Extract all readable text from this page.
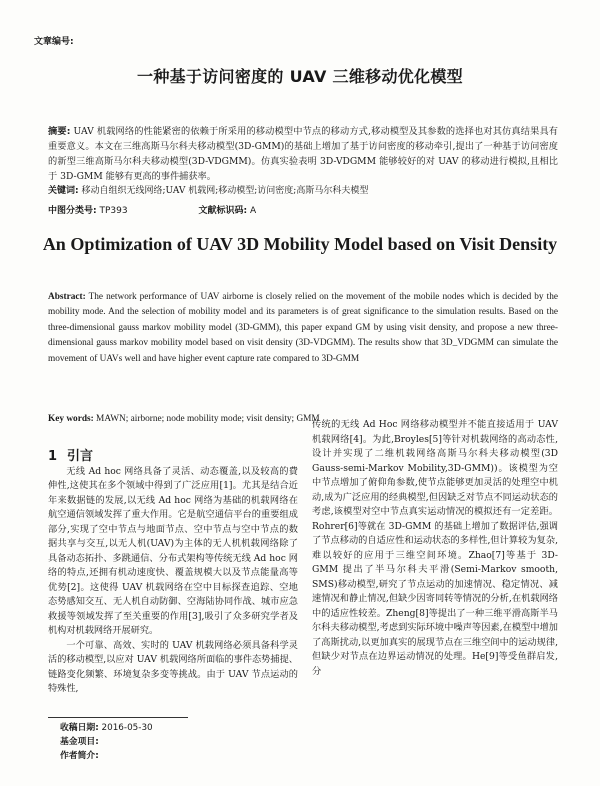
文章编号:
一种基于访问密度的 UAV 三维移动优化模型
摘要: UAV 机载网络的性能紧密的依赖于所采用的移动模型中节点的移动方式,移动模型及其参数的选择也对其仿真结果具有重要意义。本文在三维高斯马尔科夫移动模型(3D-GMM)的基础上增加了基于访问密度的移动牵引,提出了一种基于访问密度的新型三维高斯马尔科夫移动模型(3D-VDGMM)。仿真实验表明 3D-VDGMM 能够较好的对 UAV 的移动进行模拟,且相比于 3D-GMM 能够有更高的事件捕获率。
关键词: 移动自组织无线网络;UAV 机载网;移动模型;访问密度;高斯马尔科夫模型
中图分类号: TP393	文献标识码: A
An Optimization of UAV 3D Mobility Model based on Visit Density
Abstract: The network performance of UAV airborne is closely relied on the movement of the mobile nodes which is decided by the mobility mode. And the selection of mobility model and its parameters is of great significance to the simulation results. Based on the three-dimensional gauss markov mobility model (3D-GMM), this paper expand GM by using visit density, and propose a new three-dimensional gauss markov mobility model based on visit density (3D-VDGMM). The results show that 3D_VDGMM can simulate the movement of UAVs well and have higher event capture rate compared to 3D-GMM
Key words: MAWN; airborne; node mobility mode; visit density; GMM

1 引言

无线 Ad hoc 网络具备了灵活、动态覆盖,以及较高的費伸性,这使其在多个领域中得到了广泛应用[1]。尤其是结合近年来数据链的发展,以无线 Ad hoc 网络为基础的机载网络在航空通信领域发挥了重大作用。它是航空通信平台的重要组成部分,实现了空中节点与地面节点、空中节点与空中节点的数据共享与交互,以无人机(UAV)为主体的无人机机载网络除了具备动态拓扑、多跳通信、分布式架构等传统无线 Ad hoc 网络的特点,还拥有机动速度快、覆盖规模大以及节点能量高等优势[2]。这使得 UAV 机载网络在空中目标探查追踪、空地态势感知交互、无人机自动防御、空海陆协同作战、城市应急救援等领域发挥了至关重要的作用[3],吸引了众多研究学者及机构对机载网络开展研究。

一个可靠、高效、实时的 UAV 机载网络必须具备科学灵活的移动模型,以应对 UAV 机载网络所面临的事件态势捕提、链路变化频繁、环境复杂多变等挑战。由于 UAV 节点运动的特殊性,

传统的无线 Ad Hoc 网络移动模型并不能直接适用于 UAV 机载网络[4]。为此,Broyles[5]等针对机载网络的高动态性,设计并实现了二维机载网络高斯马尔科夫移动模型(3D Gauss-semi-Markov Mobility,3D-GMM))。该模型为空中节点增加了俯仰角参数,使节点能够更加灵活的处理空中机动,成为广泛应用的经典模型,但因缺乏对节点不同运动状态的考虑,该模型对空中节点真实运动情况的模拟还有一定差距。Rohrer[6]等就在 3D-GMM 的基础上增加了数据评估,强调了节点移动的自适应性和运动状态的多样性,但计算较为复杂,难以较好的应用于三维空间环境。Zhao[7]等基于 3D-GMM 提出了半马尔科夫平滑(Semi-Markov smooth, SMS)移动模型,研究了节点运动的加速情况、稳定情况、减速情况和静止情况,但缺少因寄同转等情况的分析,在机载网络中的适应性较差。Zheng[8]等提出了一种三维平滑高斯半马尔科夫移动模型,考虑到实际环境中噪声等因素,在模型中增加了高斯扰动,以更加真实的展现节点在三维空间中的运动规律,但缺少对节点在边界运动情况的处理。He[9]等受鱼群启发,分

收稿日期: 2016-05-30
基金项目:
作者简介:
